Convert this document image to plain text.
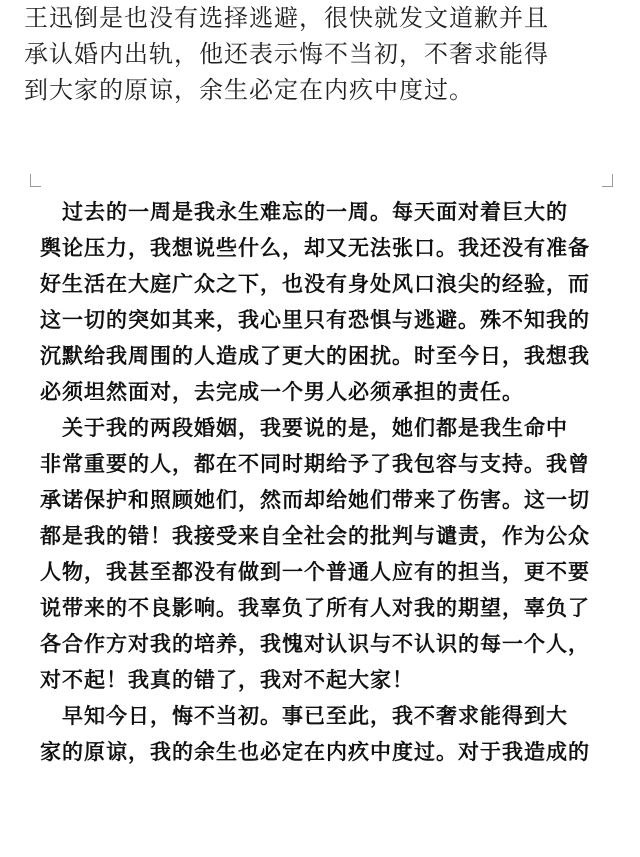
王迅倒是也没有选择逃避，很快就发文道歉并且

承认婚内出轨，他还表示悔不当初，不奢求能得

到大家的原谅，余生必定在内疚中度过。

　过去的一周是我永生难忘的一周。每天面对着巨大的
舆论压力，我想说些什么，却又无法张口。我还没有准备
好生活在大庭广众之下，也没有身处风口浪尖的经验，而
这一切的突如其来，我心里只有恐惧与逃避。殊不知我的
沉默给我周围的人造成了更大的困扰。时至今日，我想我
必须坦然面对，去完成一个男人必须承担的责任。
　关于我的两段婚姻，我要说的是，她们都是我生命中
非常重要的人，都在不同时期给予了我包容与支持。我曾
承诺保护和照顾她们，然而却给她们带来了伤害。这一切
都是我的错！我接受来自全社会的批判与谴责，作为公众
人物，我甚至都没有做到一个普通人应有的担当，更不要
说带来的不良影响。我辜负了所有人对我的期望，辜负了
各合作方对我的培养，我愧对认识与不认识的每一个人，
对不起！我真的错了，我对不起大家！
　早知今日，悔不当初。事已至此，我不奢求能得到大
家的原谅，我的余生也必定在内疚中度过。对于我造成的
